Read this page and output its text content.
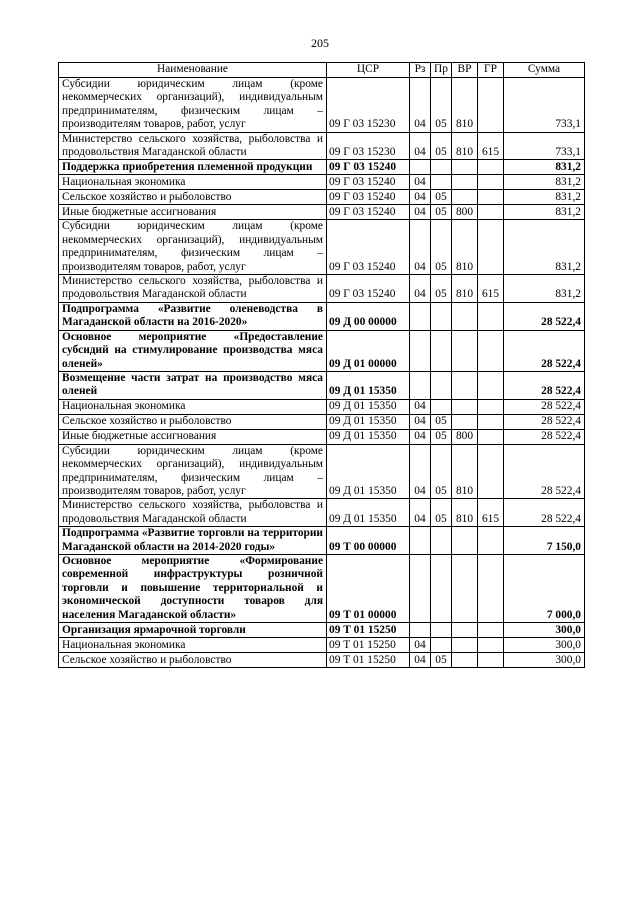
205
Наименование	ЦСР	Рз	Пр	ВР	ГР	Сумма
Субсидии юридическим лицам (кроме некоммерческих организаций), индивидуальным предпринимателям, физическим лицам – производителям товаров, работ, услуг	09 Г 03 15230	04	05	810		733,1
Министерство сельского хозяйства, рыболовства и продовольствия Магаданской области	09 Г 03 15230	04	05	810	615	733,1
Поддержка приобретения племенной продукции	09 Г 03 15240					831,2
Национальная экономика	09 Г 03 15240	04				831,2
Сельское хозяйство и рыболовство	09 Г 03 15240	04	05			831,2
Иные бюджетные ассигнования	09 Г 03 15240	04	05	800		831,2
Субсидии юридическим лицам (кроме некоммерческих организаций), индивидуальным предпринимателям, физическим лицам – производителям товаров, работ, услуг	09 Г 03 15240	04	05	810		831,2
Министерство сельского хозяйства, рыболовства и продовольствия Магаданской области	09 Г 03 15240	04	05	810	615	831,2
Подпрограмма «Развитие оленеводства в Магаданской области на 2016-2020»	09 Д 00 00000					28 522,4
Основное мероприятие «Предоставление субсидий на стимулирование производства мяса оленей»	09 Д 01 00000					28 522,4
Возмещение части затрат на производство мяса оленей	09 Д 01 15350					28 522,4
Национальная экономика	09 Д 01 15350	04				28 522,4
Сельское хозяйство и рыболовство	09 Д 01 15350	04	05			28 522,4
Иные бюджетные ассигнования	09 Д 01 15350	04	05	800		28 522,4
Субсидии юридическим лицам (кроме некоммерческих организаций), индивидуальным предпринимателям, физическим лицам – производителям товаров, работ, услуг	09 Д 01 15350	04	05	810		28 522,4
Министерство сельского хозяйства, рыболовства и продовольствия Магаданской области	09 Д 01 15350	04	05	810	615	28 522,4
Подпрограмма «Развитие торговли на территории Магаданской области на 2014-2020 годы»	09 Т 00 00000					7 150,0
Основное мероприятие «Формирование современной инфраструктуры розничной торговли и повышение территориальной и экономической доступности товаров для населения Магаданской области»	09 Т 01 00000					7 000,0
Организация ярмарочной торговли	09 Т 01 15250					300,0
Национальная экономика	09 Т 01 15250	04				300,0
Сельское хозяйство и рыболовство	09 Т 01 15250	04	05			300,0
